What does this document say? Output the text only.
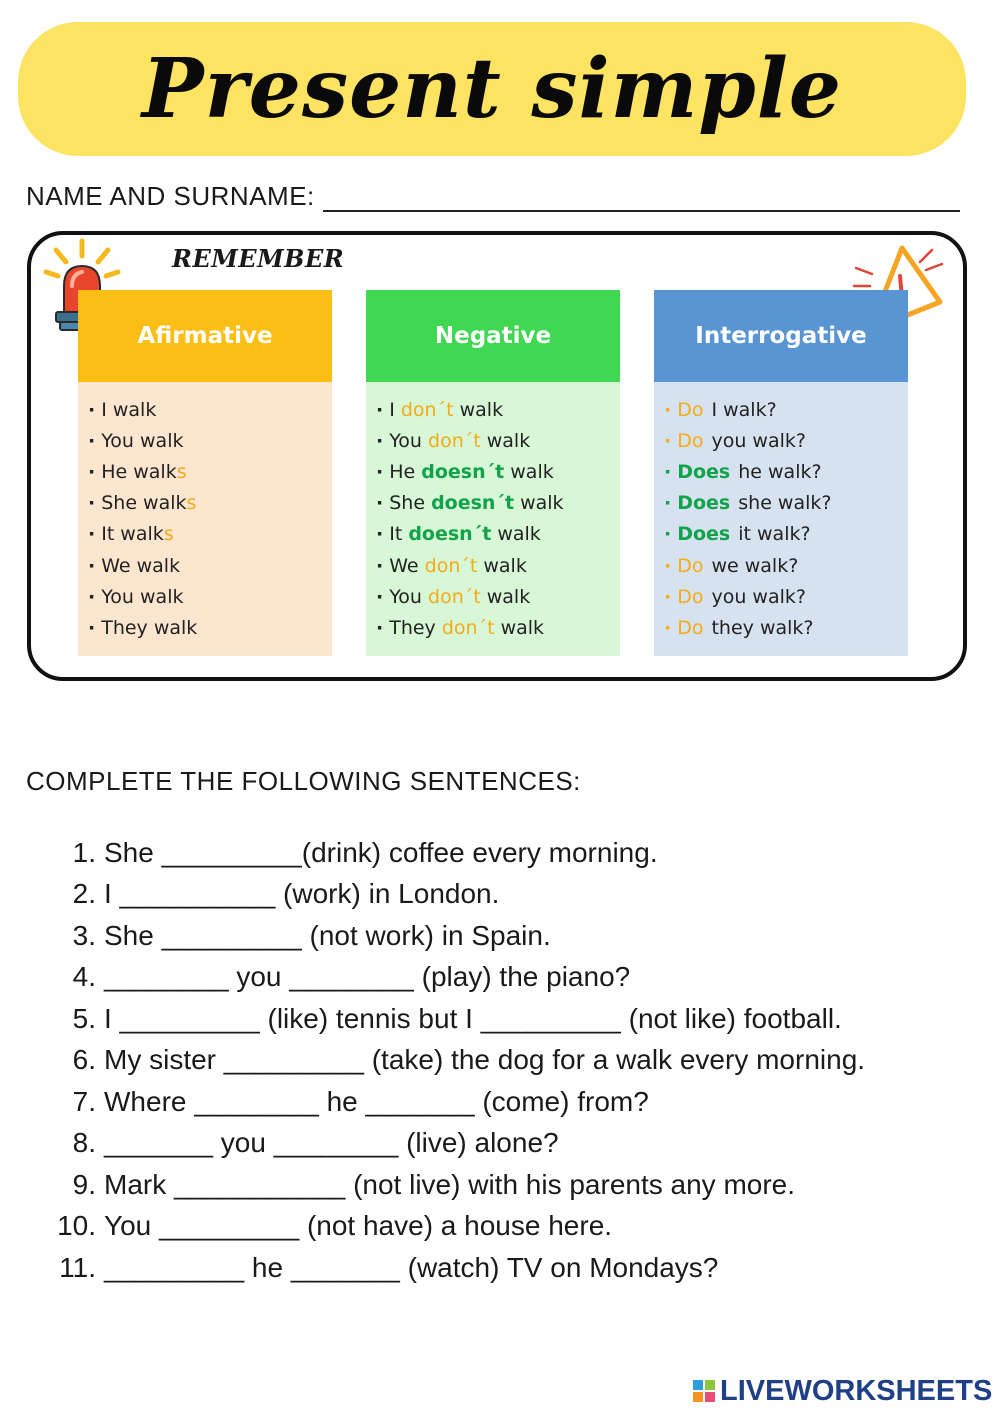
Present simple
NAME AND SURNAME:
REMEMBER
Afirmative
· I walk
· You walk
· He walk s
· She walk s
· It walk s
· We walk
· You walk
· They walk
Negative
· I
don´t
walk
· You
don´t
walk
· He
doesn´t
walk
· She
doesn´t
walk
· It
doesn´t
walk
· We
don´t
walk
· You
don´t
walk
· They
don´t
walk
Interrogative
· Do I walk?
· Do you walk?
· Does he walk?
· Does she walk?
· Does it walk?
· Do we walk?
· Do you walk?
· Do they walk?
COMPLETE THE FOLLOWING SENTENCES:
1. She _________(drink) coffee every morning.
2. I __________ (work) in London.
3. She _________ (not work) in Spain.
4. ________ you ________ (play) the piano?
5. I _________ (like) tennis but I _________ (not like) football.
6. My sister _________ (take) the dog for a walk every morning.
7. Where ________ he _______ (come) from?
8. _______ you ________ (live) alone?
9. Mark ___________ (not live) with his parents any more.
10. You _________ (not have) a house here.
11. _________ he _______ (watch) TV on Mondays?
LIVEWORKSHEETS
